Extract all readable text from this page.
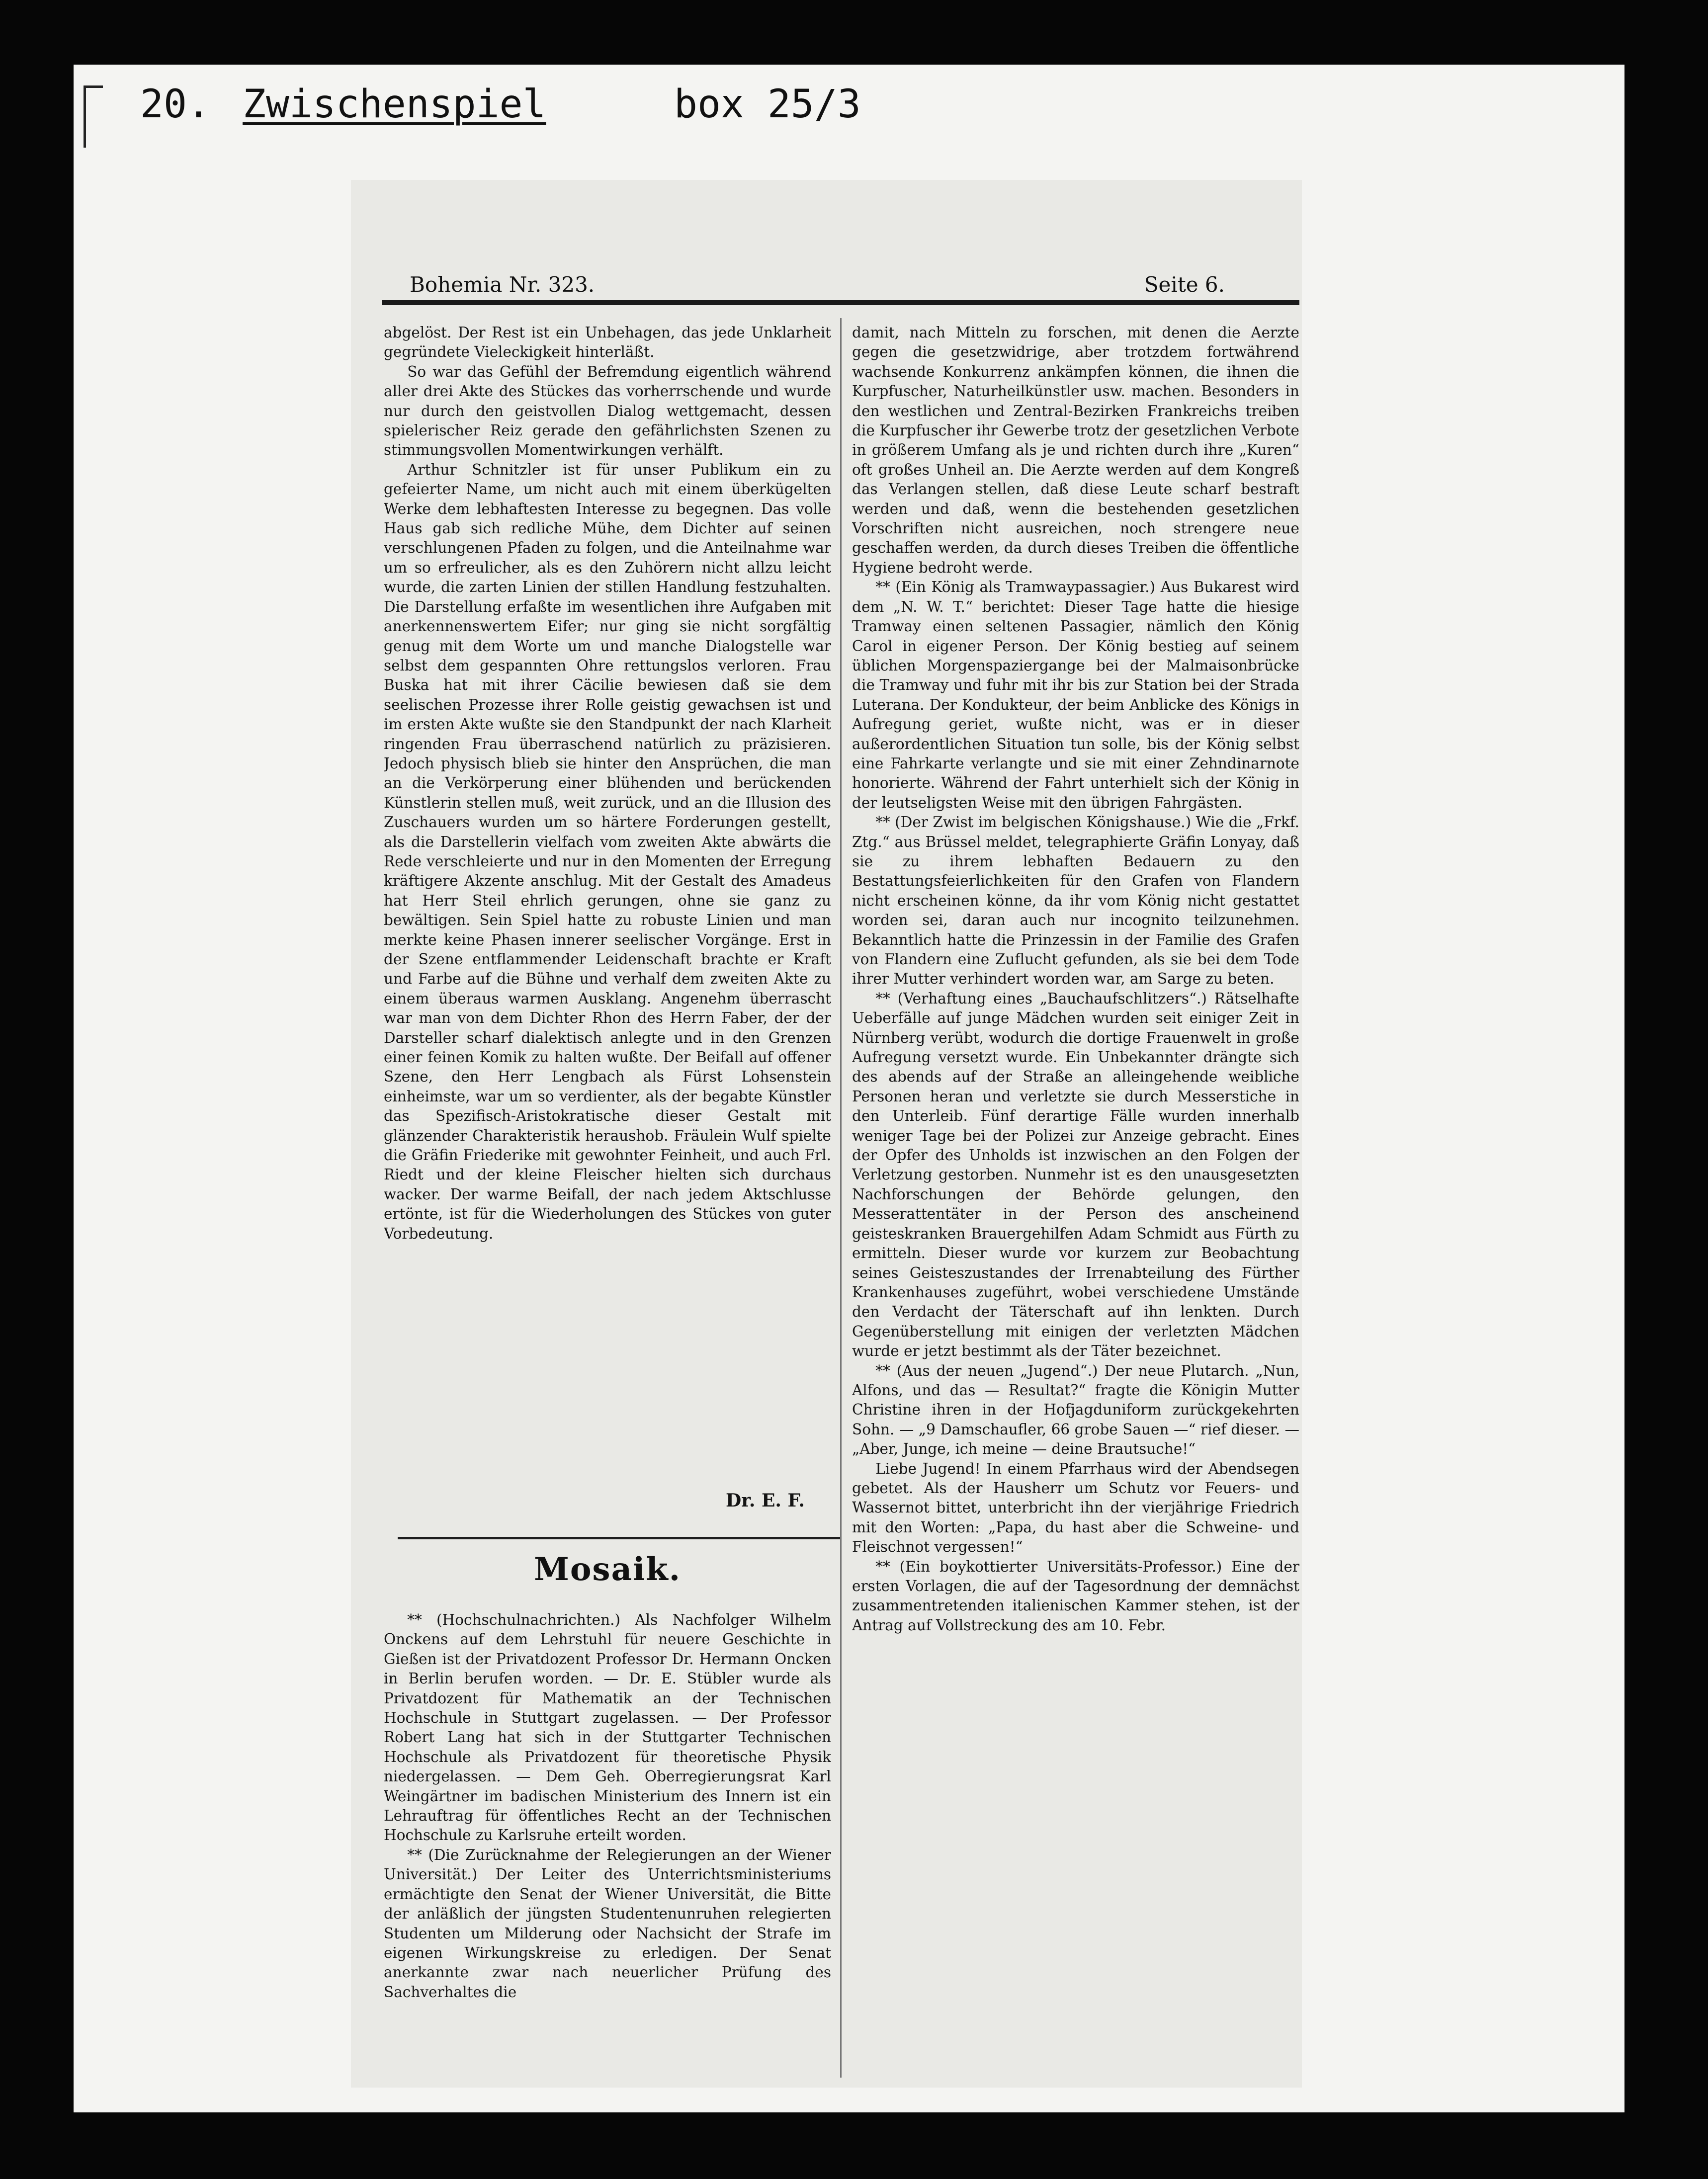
20. Zwischenspiel	box 25/3
Bohemia Nr. 323.	Seite 6.

abgelöst. Der Rest ist ein Unbehagen, das jede Unklarheit gegründete Vieleckigkeit hinterläßt.

So war das Gefühl der Befremdung eigentlich während aller drei Akte des Stückes das vorherrschende und wurde nur durch den geistvollen Dialog wettgemacht, dessen spielerischer Reiz gerade den gefährlichsten Szenen zu stimmungsvollen Momentwirkungen verhälft.

Arthur Schnitzler ist für unser Publikum ein zu gefeierter Name, um nicht auch mit einem überkügelten Werke dem lebhaftesten Interesse zu begegnen. Das volle Haus gab sich redliche Mühe, dem Dichter auf seinen verschlungenen Pfaden zu folgen, und die Anteilnahme war um so erfreulicher, als es den Zuhörern nicht allzu leicht wurde, die zarten Linien der stillen Handlung festzuhalten. Die Darstellung erfaßte im wesentlichen ihre Aufgaben mit anerkennenswertem Eifer; nur ging sie nicht sorgfältig genug mit dem Worte um und manche Dialogstelle war selbst dem gespannten Ohre rettungslos verloren. Frau Buska hat mit ihrer Cäcilie bewiesen daß sie dem seelischen Prozesse ihrer Rolle geistig gewachsen ist und im ersten Akte wußte sie den Standpunkt der nach Klarheit ringenden Frau überraschend natürlich zu präzisieren. Jedoch physisch blieb sie hinter den Ansprüchen, die man an die Verkörperung einer blühenden und berückenden Künstlerin stellen muß, weit zurück, und an die Illusion des Zuschauers wurden um so härtere Forderungen gestellt, als die Darstellerin vielfach vom zweiten Akte abwärts die Rede verschleierte und nur in den Momenten der Erregung kräftigere Akzente anschlug. Mit der Gestalt des Amadeus hat Herr Steil ehrlich gerungen, ohne sie ganz zu bewältigen. Sein Spiel hatte zu robuste Linien und man merkte keine Phasen innerer seelischer Vorgänge. Erst in der Szene entflammender Leidenschaft brachte er Kraft und Farbe auf die Bühne und verhalf dem zweiten Akte zu einem überaus warmen Ausklang. Angenehm überrascht war man von dem Dichter Rhon des Herrn Faber, der der Darsteller scharf dialektisch anlegte und in den Grenzen einer feinen Komik zu halten wußte. Der Beifall auf offener Szene, den Herr Lengbach als Fürst Lohsenstein einheimste, war um so verdienter, als der begabte Künstler das Spezifisch-Aristokratische dieser Gestalt mit glänzender Charakteristik heraushob. Fräulein Wulf spielte die Gräfin Friederike mit gewohnter Feinheit, und auch Frl. Riedt und der kleine Fleischer hielten sich durchaus wacker. Der warme Beifall, der nach jedem Aktschlusse ertönte, ist für die Wiederholungen des Stückes von guter Vorbedeutung.

Dr. E. F.
Mosaik.

** (Hochschulnachrichten.) Als Nachfolger Wilhelm Onckens auf dem Lehrstuhl für neuere Geschichte in Gießen ist der Privatdozent Professor Dr. Hermann Oncken in Berlin berufen worden. — Dr. E. Stübler wurde als Privatdozent für Mathematik an der Technischen Hochschule in Stuttgart zugelassen. — Der Professor Robert Lang hat sich in der Stuttgarter Technischen Hochschule als Privatdozent für theoretische Physik niedergelassen. — Dem Geh. Oberregierungsrat Karl Weingärtner im badischen Ministerium des Innern ist ein Lehrauftrag für öffentliches Recht an der Technischen Hochschule zu Karlsruhe erteilt worden.

** (Die Zurücknahme der Relegierungen an der Wiener Universität.) Der Leiter des Unterrichtsministeriums ermächtigte den Senat der Wiener Universität, die Bitte der anläßlich der jüngsten Studentenunruhen relegierten Studenten um Milderung oder Nachsicht der Strafe im eigenen Wirkungskreise zu erledigen. Der Senat anerkannte zwar nach neuerlicher Prüfung des Sachverhaltes die

damit, nach Mitteln zu forschen, mit denen die Aerzte gegen die gesetzwidrige, aber trotzdem fortwährend wachsende Konkurrenz ankämpfen können, die ihnen die Kurpfuscher, Naturheilkünstler usw. machen. Besonders in den westlichen und Zentral-Bezirken Frankreichs treiben die Kurpfuscher ihr Gewerbe trotz der gesetzlichen Verbote in größerem Umfang als je und richten durch ihre „Kuren“ oft großes Unheil an. Die Aerzte werden auf dem Kongreß das Verlangen stellen, daß diese Leute scharf bestraft werden und daß, wenn die bestehenden gesetzlichen Vorschriften nicht ausreichen, noch strengere neue geschaffen werden, da durch dieses Treiben die öffentliche Hygiene bedroht werde.

** (Ein König als Tramwaypassagier.) Aus Bukarest wird dem „N. W. T.“ berichtet: Dieser Tage hatte die hiesige Tramway einen seltenen Passagier, nämlich den König Carol in eigener Person. Der König bestieg auf seinem üblichen Morgenspaziergange bei der Malmaisonbrücke die Tramway und fuhr mit ihr bis zur Station bei der Strada Luterana. Der Kondukteur, der beim Anblicke des Königs in Aufregung geriet, wußte nicht, was er in dieser außerordentlichen Situation tun solle, bis der König selbst eine Fahrkarte verlangte und sie mit einer Zehndinarnote honorierte. Während der Fahrt unterhielt sich der König in der leutseligsten Weise mit den übrigen Fahrgästen.

** (Der Zwist im belgischen Königshause.) Wie die „Frkf. Ztg.“ aus Brüssel meldet, telegraphierte Gräfin Lonyay, daß sie zu ihrem lebhaften Bedauern zu den Bestattungsfeierlichkeiten für den Grafen von Flandern nicht erscheinen könne, da ihr vom König nicht gestattet worden sei, daran auch nur incognito teilzunehmen. Bekanntlich hatte die Prinzessin in der Familie des Grafen von Flandern eine Zuflucht gefunden, als sie bei dem Tode ihrer Mutter verhindert worden war, am Sarge zu beten.

** (Verhaftung eines „Bauchaufschlitzers“.) Rätselhafte Ueberfälle auf junge Mädchen wurden seit einiger Zeit in Nürnberg verübt, wodurch die dortige Frauenwelt in große Aufregung versetzt wurde. Ein Unbekannter drängte sich des abends auf der Straße an alleingehende weibliche Personen heran und verletzte sie durch Messerstiche in den Unterleib. Fünf derartige Fälle wurden innerhalb weniger Tage bei der Polizei zur Anzeige gebracht. Eines der Opfer des Unholds ist inzwischen an den Folgen der Verletzung gestorben. Nunmehr ist es den unausgesetzten Nachforschungen der Behörde gelungen, den Messerattentäter in der Person des anscheinend geisteskranken Brauergehilfen Adam Schmidt aus Fürth zu ermitteln. Dieser wurde vor kurzem zur Beobachtung seines Geisteszustandes der Irrenabteilung des Fürther Krankenhauses zugeführt, wobei verschiedene Umstände den Verdacht der Täterschaft auf ihn lenkten. Durch Gegenüberstellung mit einigen der verletzten Mädchen wurde er jetzt bestimmt als der Täter bezeichnet.

** (Aus der neuen „Jugend“.) Der neue Plutarch. „Nun, Alfons, und das — Resultat?“ fragte die Königin Mutter Christine ihren in der Hofjagduniform zurückgekehrten Sohn. — „9 Damschaufler, 66 grobe Sauen —“ rief dieser. — „Aber, Junge, ich meine — deine Brautsuche!“

Liebe Jugend! In einem Pfarrhaus wird der Abendsegen gebetet. Als der Hausherr um Schutz vor Feuers- und Wassernot bittet, unterbricht ihn der vierjährige Friedrich mit den Worten: „Papa, du hast aber die Schweine- und Fleischnot vergessen!“

** (Ein boykottierter Universitäts-Professor.) Eine der ersten Vorlagen, die auf der Tagesordnung der demnächst zusammentretenden italienischen Kammer stehen, ist der Antrag auf Vollstreckung des am 10. Febr.
